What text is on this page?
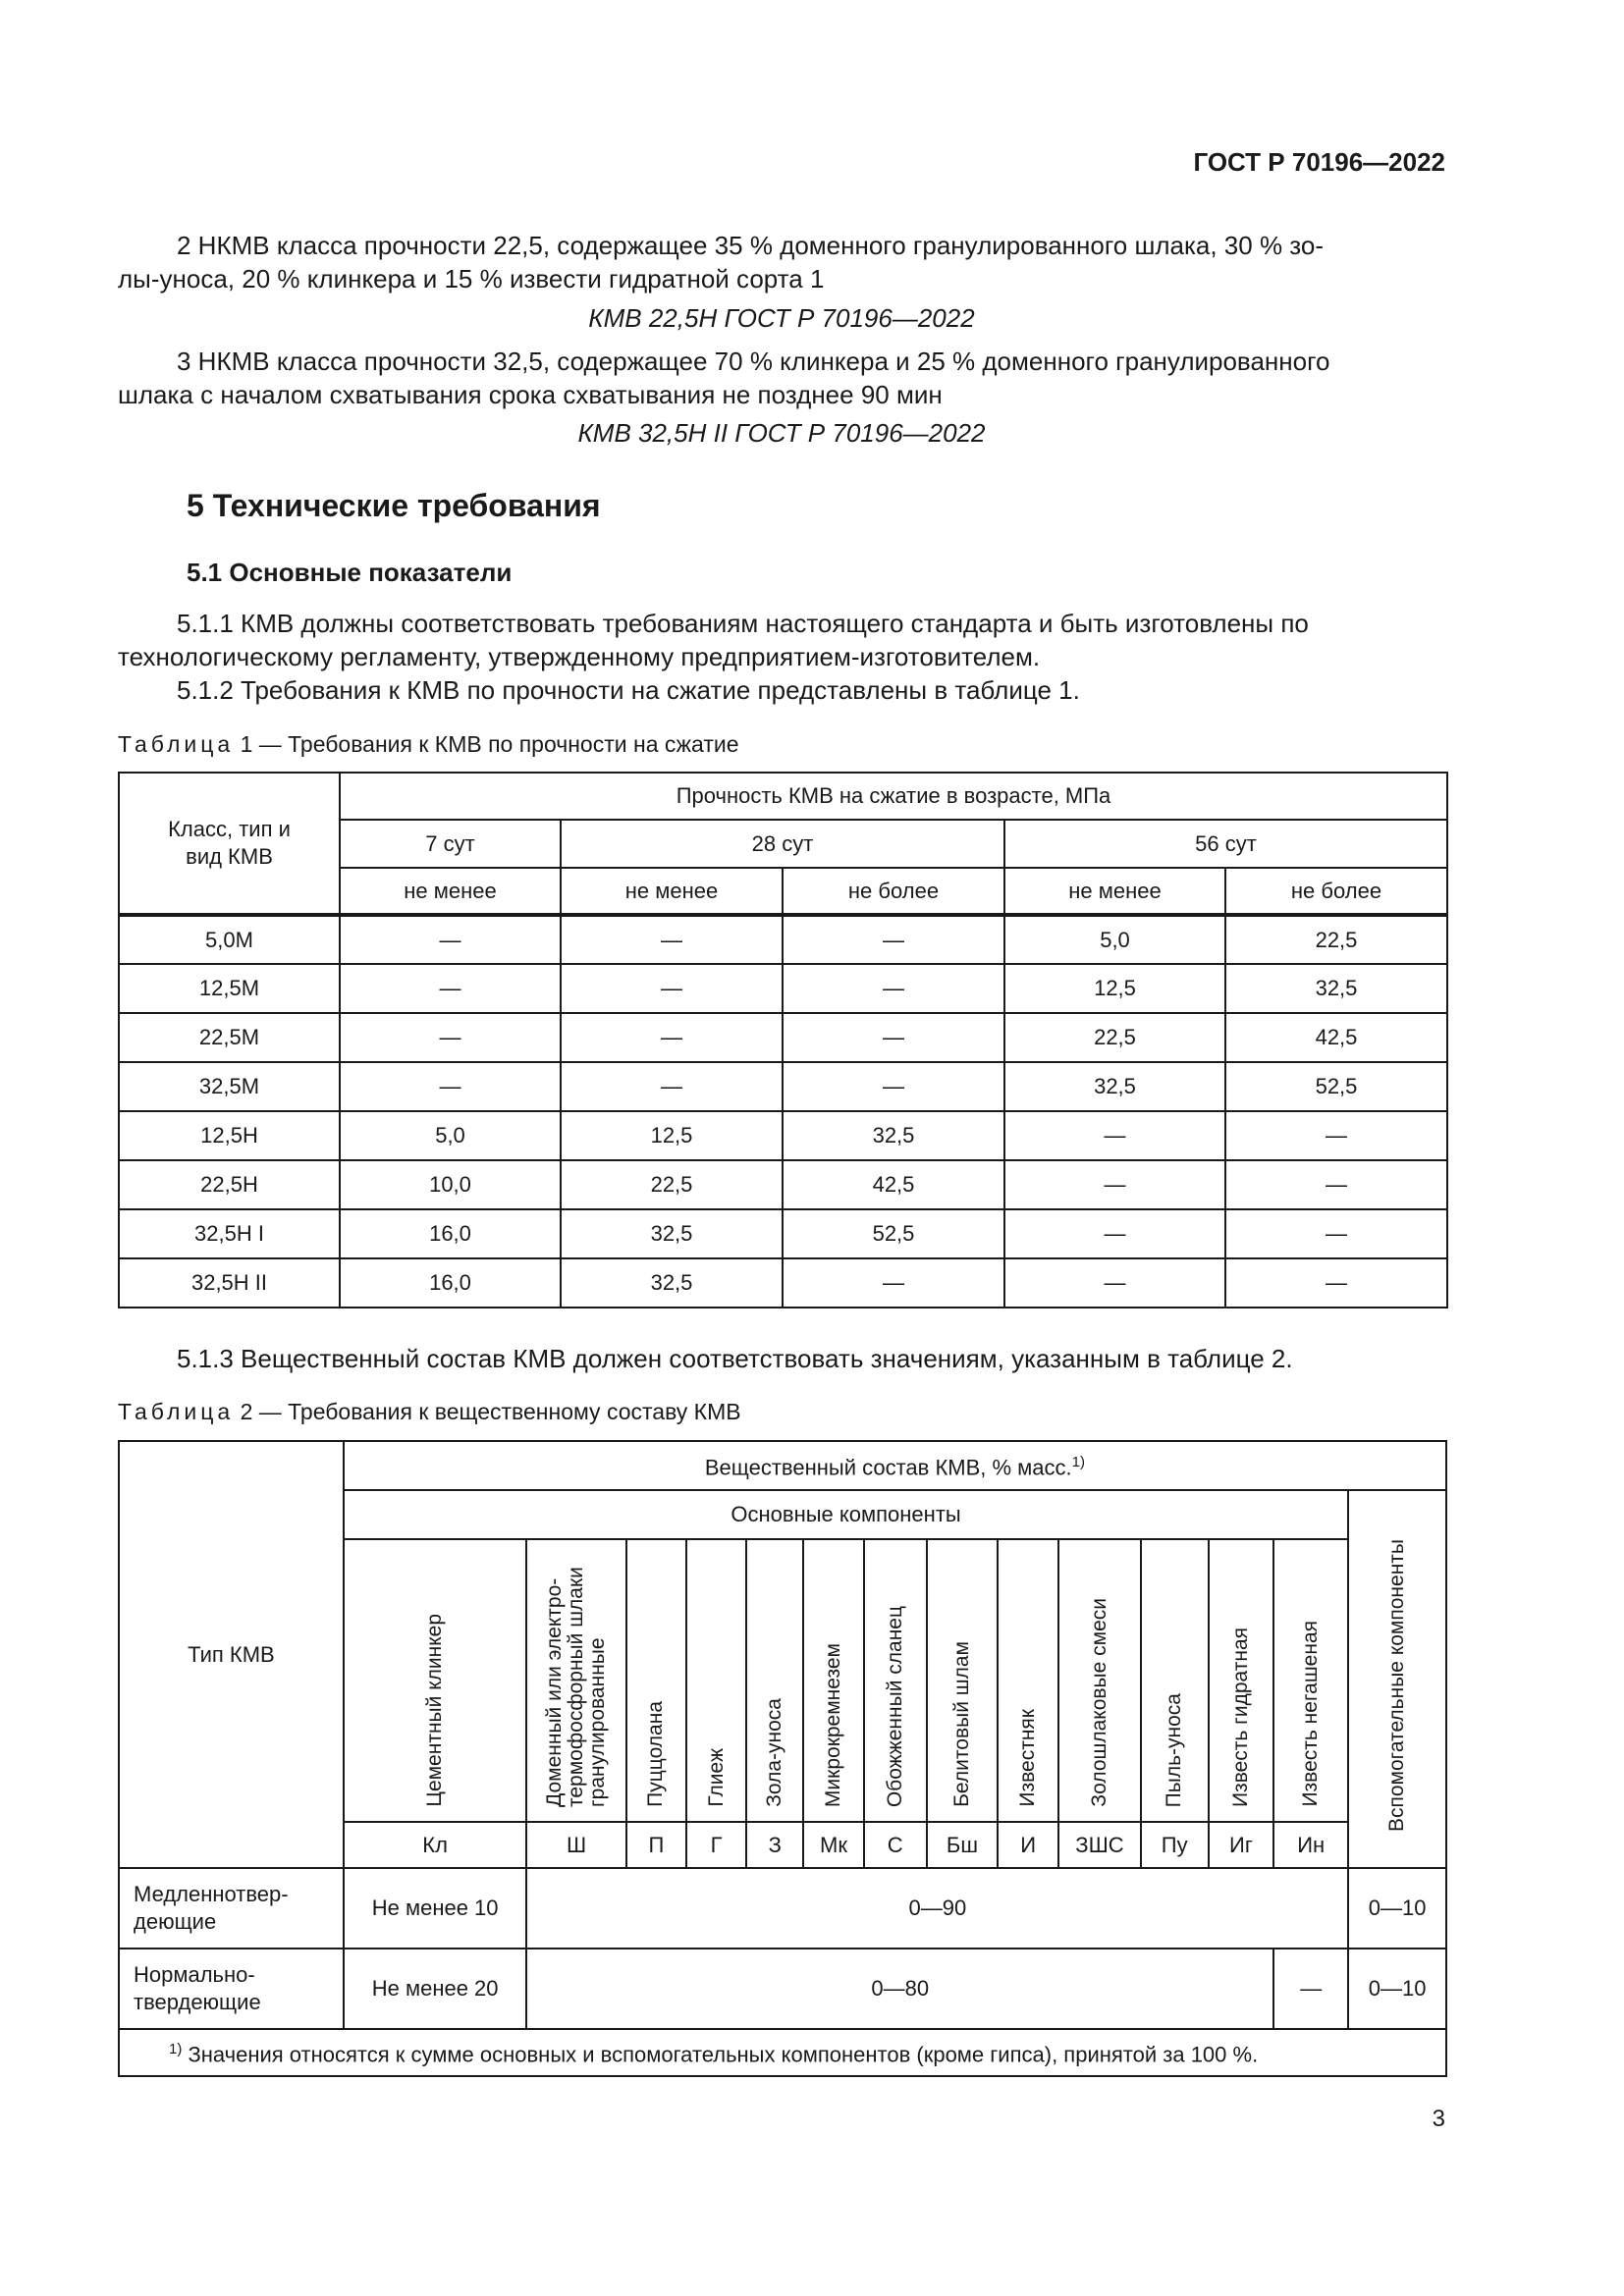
ГОСТ Р 70196—2022
2 НКМВ класса прочности 22,5, содержащее 35 % доменного гранулированного шлака, 30 % зо-
лы-уноса, 20 % клинкера и 15 % извести гидратной сорта 1
КМВ 22,5Н ГОСТ Р 70196—2022
3 НКМВ класса прочности 32,5, содержащее 70 % клинкера и 25 % доменного гранулированного
шлака с началом схватывания срока схватывания не позднее 90 мин
КМВ 32,5Н II ГОСТ Р 70196—2022
5 Технические требования
5.1 Основные показатели
5.1.1 КМВ должны соответствовать требованиям настоящего стандарта и быть изготовлены по
технологическому регламенту, утвержденному предприятием-изготовителем.
5.1.2 Требования к КМВ по прочности на сжатие представлены в таблице 1.
Таблица 1 — Требования к КМВ по прочности на сжатие
Класс, тип и вид КМВ	Прочность КМВ на сжатие в возрасте, МПа				
	7 сут	28 сут		56 сут	
	не менее	не менее	не более	не менее	не более
5,0М	—	—	—	5,0	22,5
12,5М	—	—	—	12,5	32,5
22,5М	—	—	—	22,5	42,5
32,5М	—	—	—	32,5	52,5
12,5Н	5,0	12,5	32,5	—	—
22,5Н	10,0	22,5	42,5	—	—
32,5Н I	16,0	32,5	52,5	—	—
32,5Н II	16,0	32,5	—	—	—
5.1.3 Вещественный состав КМВ должен соответствовать значениям, указанным в таблице 2.
Таблица 2 — Требования к вещественному составу КМВ
Тип КМВ	Вещественный состав КМВ, % масс.$^{1)}$
	Основные компоненты													Вспомогательные компоненты

	Цементный клинкер	Доменный или электро-термофосфорный шлаки гранулированные	Пуццолана	Глиеж	Зола-уноса	Микрокремнезем	Обожженный сланец	Белитовый шлам	Известняк	Золошлаковые смеси	Пыль-уноса	Известь гидратная	Известь негашеная	

	Кл	Ш	П	Г	З	Мк	С	Бш	И	ЗШС	Пу	Иг	Ин	

Медленнотвер-дeющие	Не менее 10	0—90												0—10

Нормально-твердеющие	Не менее 20	0—80											—	0—10
$^{1)}$ Значения относятся к сумме основных и вспомогательных компонентов (кроме гипса), принятой за 100 %.														
3
